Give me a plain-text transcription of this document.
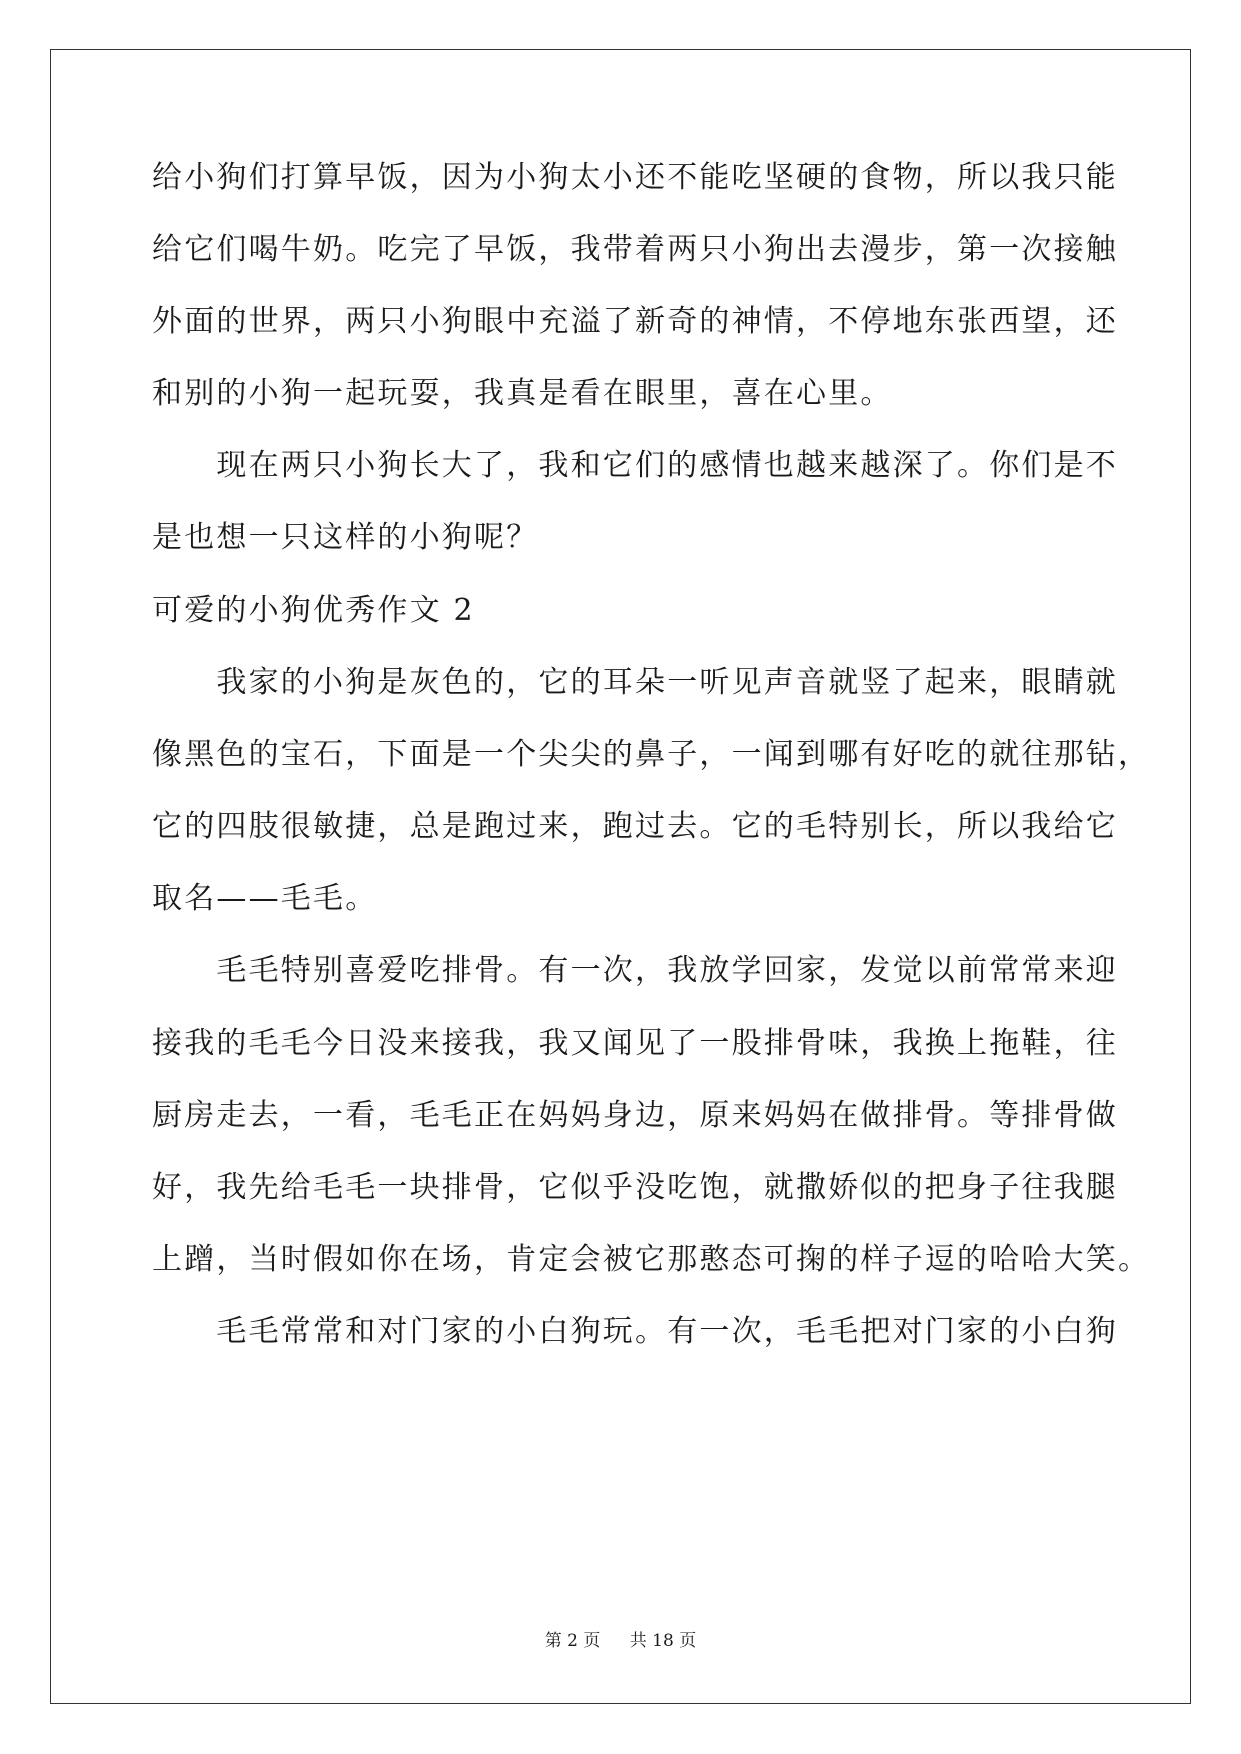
给小狗们打算早饭，因为小狗太小还不能吃坚硬的食物，所以我只能
给它们喝牛奶。吃完了早饭，我带着两只小狗出去漫步，第一次接触
外面的世界，两只小狗眼中充溢了新奇的神情，不停地东张西望，还
和别的小狗一起玩耍，我真是看在眼里，喜在心里。
　　现在两只小狗长大了，我和它们的感情也越来越深了。你们是不
是也想一只这样的小狗呢？
可爱的小狗优秀作文 2
　　我家的小狗是灰色的，它的耳朵一听见声音就竖了起来，眼睛就
像黑色的宝石，下面是一个尖尖的鼻子，一闻到哪有好吃的就往那钻，
它的四肢很敏捷，总是跑过来，跑过去。它的毛特别长，所以我给它
取名——毛毛。
　　毛毛特别喜爱吃排骨。有一次，我放学回家，发觉以前常常来迎
接我的毛毛今日没来接我，我又闻见了一股排骨味，我换上拖鞋，往
厨房走去，一看，毛毛正在妈妈身边，原来妈妈在做排骨。等排骨做
好，我先给毛毛一块排骨，它似乎没吃饱，就撒娇似的把身子往我腿
上蹭，当时假如你在场，肯定会被它那憨态可掬的样子逗的哈哈大笑。
　　毛毛常常和对门家的小白狗玩。有一次，毛毛把对门家的小白狗
第 2 页 共 18 页
